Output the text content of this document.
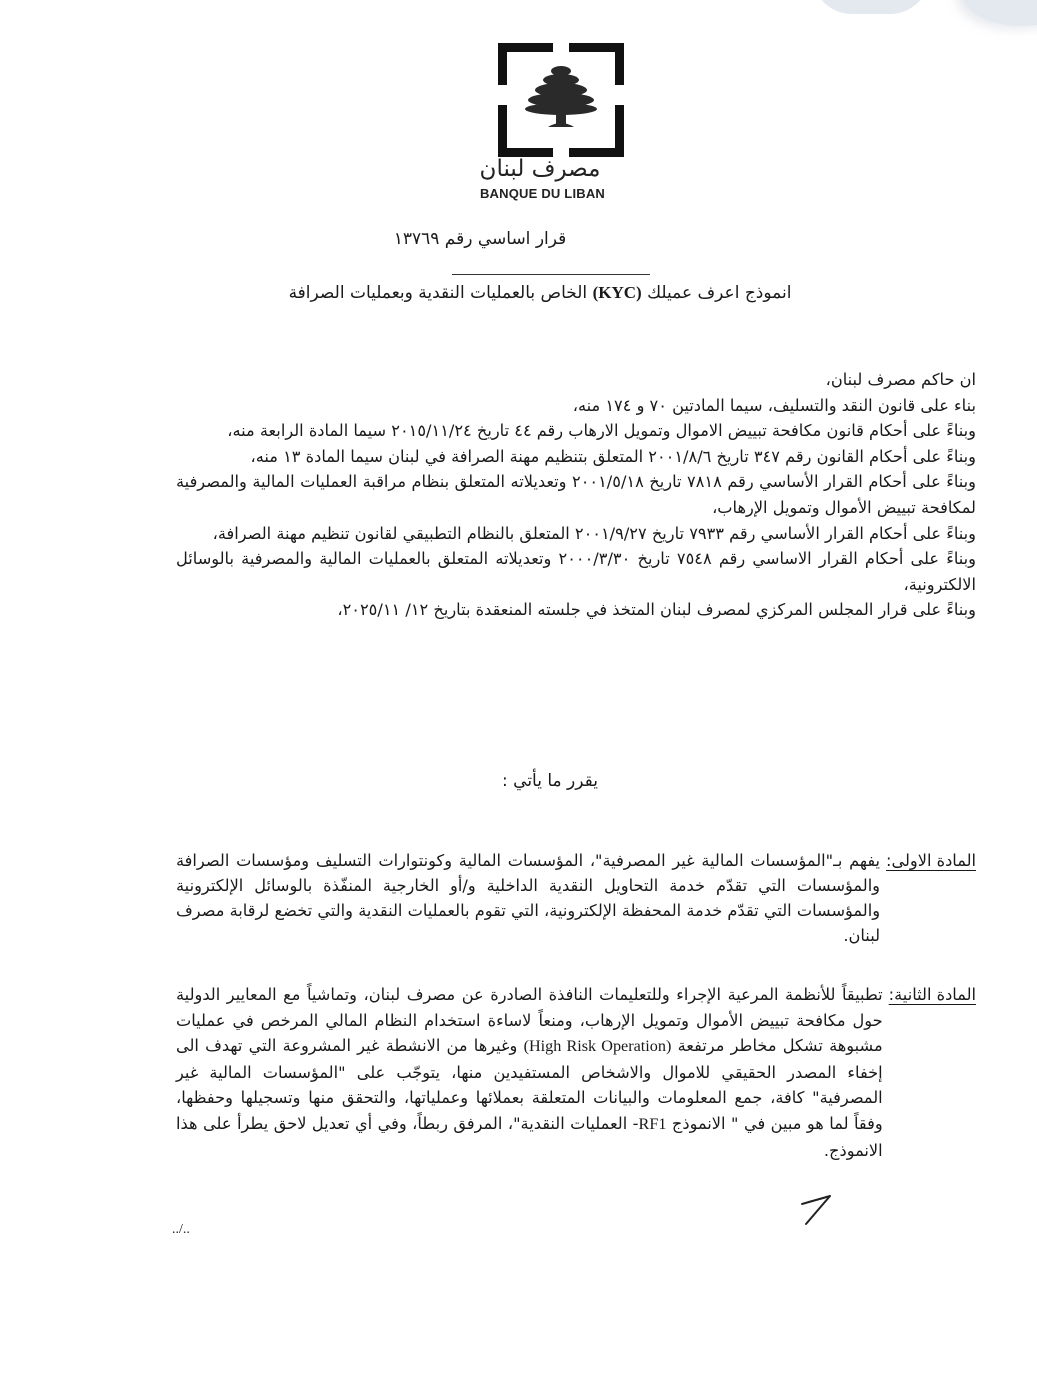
مصرف لبنان
BANQUE DU LIBAN
قرار اساسي رقم ١٣٧٦٩
انموذج اعرف عميلك (KYC) الخاص بالعمليات النقدية وبعمليات الصرافة

ان حاكم مصرف لبنان،

بناء على قانون النقد والتسليف، سيما المادتين ٧٠ و ١٧٤ منه،

وبناءً على أحكام قانون مكافحة تبييض الاموال وتمويل الارهاب رقم ٤٤ تاريخ ٢٠١٥/١١/٢٤ سيما المادة الرابعة منه،

وبناءً على أحكام القانون رقم ٣٤٧ تاريخ ٢٠٠١/٨/٦ المتعلق بتنظيم مهنة الصرافة في لبنان سيما المادة ١٣ منه،

وبناءً على أحكام القرار الأساسي رقم ٧٨١٨ تاريخ ٢٠٠١/٥/١٨ وتعديلاته المتعلق بنظام مراقبة العمليات المالية والمصرفية لمكافحة تبييض الأموال وتمويل الإرهاب،

وبناءً على أحكام القرار الأساسي رقم ٧٩٣٣ تاريخ ٢٠٠١/٩/٢٧ المتعلق بالنظام التطبيقي لقانون تنظيم مهنة الصرافة،

وبناءً على أحكام القرار الاساسي رقم ٧٥٤٨ تاريخ ٢٠٠٠/٣/٣٠ وتعديلاته المتعلق بالعمليات المالية والمصرفية بالوسائل الالكترونية،

وبناءً على قرار المجلس المركزي لمصرف لبنان المتخذ في جلسته المنعقدة بتاريخ ١٢/ ٢٠٢٥/١١،

يقرر ما يأتي :
المادة الاولى:
يفهم بـ"المؤسسات المالية غير المصرفية"، المؤسسات المالية وكونتوارات التسليف ومؤسسات الصرافة والمؤسسات التي تقدّم خدمة التحاويل النقدية الداخلية و/أو الخارجية المنفّذة بالوسائل الإلكترونية والمؤسسات التي تقدّم خدمة المحفظة الإلكترونية، التي تقوم بالعمليات النقدية والتي تخضع لرقابة مصرف لبنان.
المادة الثانية:
تطبيقاً للأنظمة المرعية الإجراء وللتعليمات النافذة الصادرة عن مصرف لبنان، وتماشياً مع المعايير الدولية حول مكافحة تبييض الأموال وتمويل الإرهاب، ومنعاً لاساءة استخدام النظام المالي المرخص في عمليات مشبوهة تشكل مخاطر مرتفعة (High Risk Operation) وغيرها من الانشطة غير المشروعة التي تهدف الى إخفاء المصدر الحقيقي للاموال والاشخاص المستفيدين منها، يتوجّب على "المؤسسات المالية غير المصرفية" كافة، جمع المعلومات والبيانات المتعلقة بعملائها وعملياتها، والتحقق منها وتسجيلها وحفظها، وفقاً لما هو مبين في " الانموذج RF1- العمليات النقدية"، المرفق ربطاً، وفي أي تعديل لاحق يطرأ على هذا الانموذج.
../..
